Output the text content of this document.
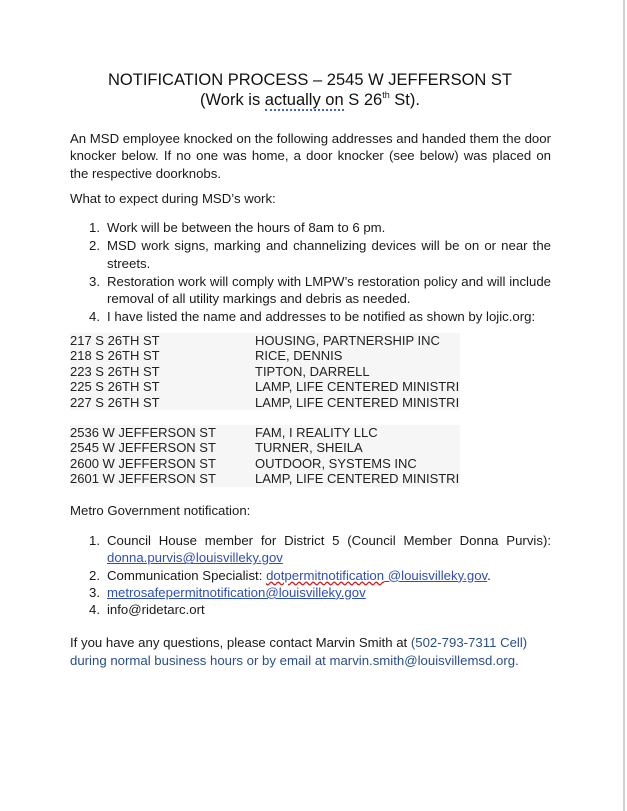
NOTIFICATION PROCESS – 2545 W JEFFERSON ST
(Work is actually on S 26th St).

An MSD employee knocked on the following addresses and handed them the door knocker below. If no one was home, a door knocker (see below) was placed on the respective doorknobs.

What to expect during MSD’s work:

1. Work will be between the hours of 8am to 6 pm.
2. MSD work signs, marking and channelizing devices will be on or near the streets.
3. Restoration work will comply with LMPW’s restoration policy and will include removal of all utility markings and debris as needed.
4. I have listed the name and addresses to be notified as shown by lojic.org:
217 S 26TH ST	HOUSING, PARTNERSHIP INC
218 S 26TH ST	RICE, DENNIS
223 S 26TH ST	TIPTON, DARRELL
225 S 26TH ST	LAMP, LIFE CENTERED MINISTRI
227 S 26TH ST	LAMP, LIFE CENTERED MINISTRI
2536 W JEFFERSON ST	FAM, I REALITY LLC
2545 W JEFFERSON ST	TURNER, SHEILA
2600 W JEFFERSON ST	OUTDOOR, SYSTEMS INC
2601 W JEFFERSON ST	LAMP, LIFE CENTERED MINISTRI

Metro Government notification:

1. Council House member for District 5 (Council Member Donna Purvis): donna.purvis@louisvilleky.gov
2. Communication Specialist: dotpermitnotification @louisvilleky.gov.
3. metrosafepermitnotification@louisvilleky.gov
4. info@ridetarc.ort

If you have any questions, please contact Marvin Smith at (502-793-7311 Cell)
during normal business hours or by email at marvin.smith@louisvillemsd.org.
